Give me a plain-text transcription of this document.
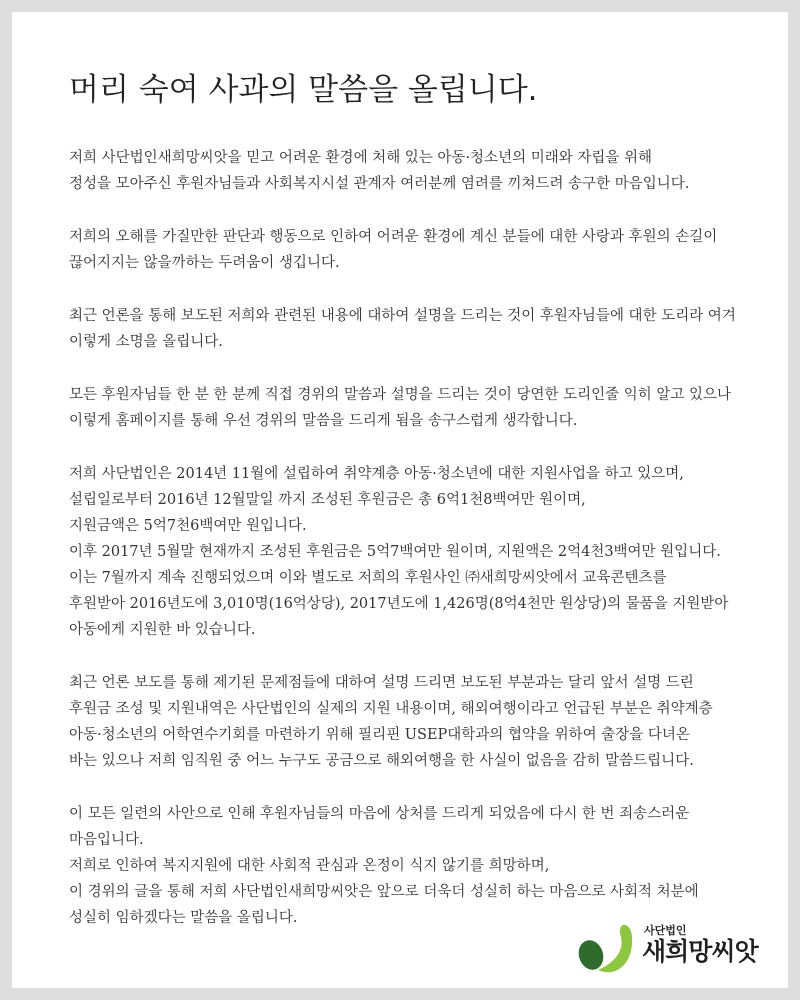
머리 숙여 사과의 말씀을 올립니다.

저희 사단법인새희망씨앗을 믿고 어려운 환경에 처해 있는 아동·청소년의 미래와 자립을 위해
정성을 모아주신 후원자님들과 사회복지시설 관계자 여러분께 염려를 끼쳐드려 송구한 마음입니다.

저희의 오해를 가질만한 판단과 행동으로 인하여 어려운 환경에 계신 분들에 대한 사랑과 후원의 손길이
끊어지지는 않을까하는 두려움이 생깁니다.

최근 언론을 통해 보도된 저희와 관련된 내용에 대하여 설명을 드리는 것이 후원자님들에 대한 도리라 여겨
이렇게 소명을 올립니다.

모든 후원자님들 한 분 한 분께 직접 경위의 말씀과 설명을 드리는 것이 당연한 도리인줄 익히 알고 있으나
이렇게 홈페이지를 통해 우선 경위의 말씀을 드리게 됨을 송구스럽게 생각합니다.

저희 사단법인은 2014년 11월에 설립하여 취약계층 아동·청소년에 대한 지원사업을 하고 있으며,
설립일로부터 2016년 12월말일 까지 조성된 후원금은 총 6억1천8백여만 원이며,
지원금액은 5억7천6백여만 원입니다.
이후 2017년 5월말 현재까지 조성된 후원금은 5억7백여만 원이며, 지원액은 2억4천3백여만 원입니다.
이는 7월까지 계속 진행되었으며 이와 별도로 저희의 후원사인 ㈜새희망씨앗에서 교육콘텐츠를
후원받아 2016년도에 3,010명(16억상당), 2017년도에 1,426명(8억4천만 원상당)의 물품을 지원받아
아동에게 지원한 바 있습니다.

최근 언론 보도를 통해 제기된 문제점들에 대하여 설명 드리면 보도된 부분과는 달리 앞서 설명 드린
후원금 조성 및 지원내역은 사단법인의 실제의 지원 내용이며, 해외여행이라고 언급된 부분은 취약계층
아동·청소년의 어학연수기회를 마련하기 위해 필리핀 USEP대학과의 협약을 위하여 출장을 다녀온
바는 있으나 저희 임직원 중 어느 누구도 공금으로 해외여행을 한 사실이 없음을 감히 말씀드립니다.

이 모든 일련의 사안으로 인해 후원자님들의 마음에 상처를 드리게 되었음에 다시 한 번 죄송스러운
마음입니다.
저희로 인하여 복지지원에 대한 사회적 관심과 온정이 식지 않기를 희망하며,
이 경위의 글을 통해 저희 사단법인새희망씨앗은 앞으로 더욱더 성실히 하는 마음으로 사회적 처분에
성실히 임하겠다는 말씀을 올립니다.

사단법인
새희망씨앗
